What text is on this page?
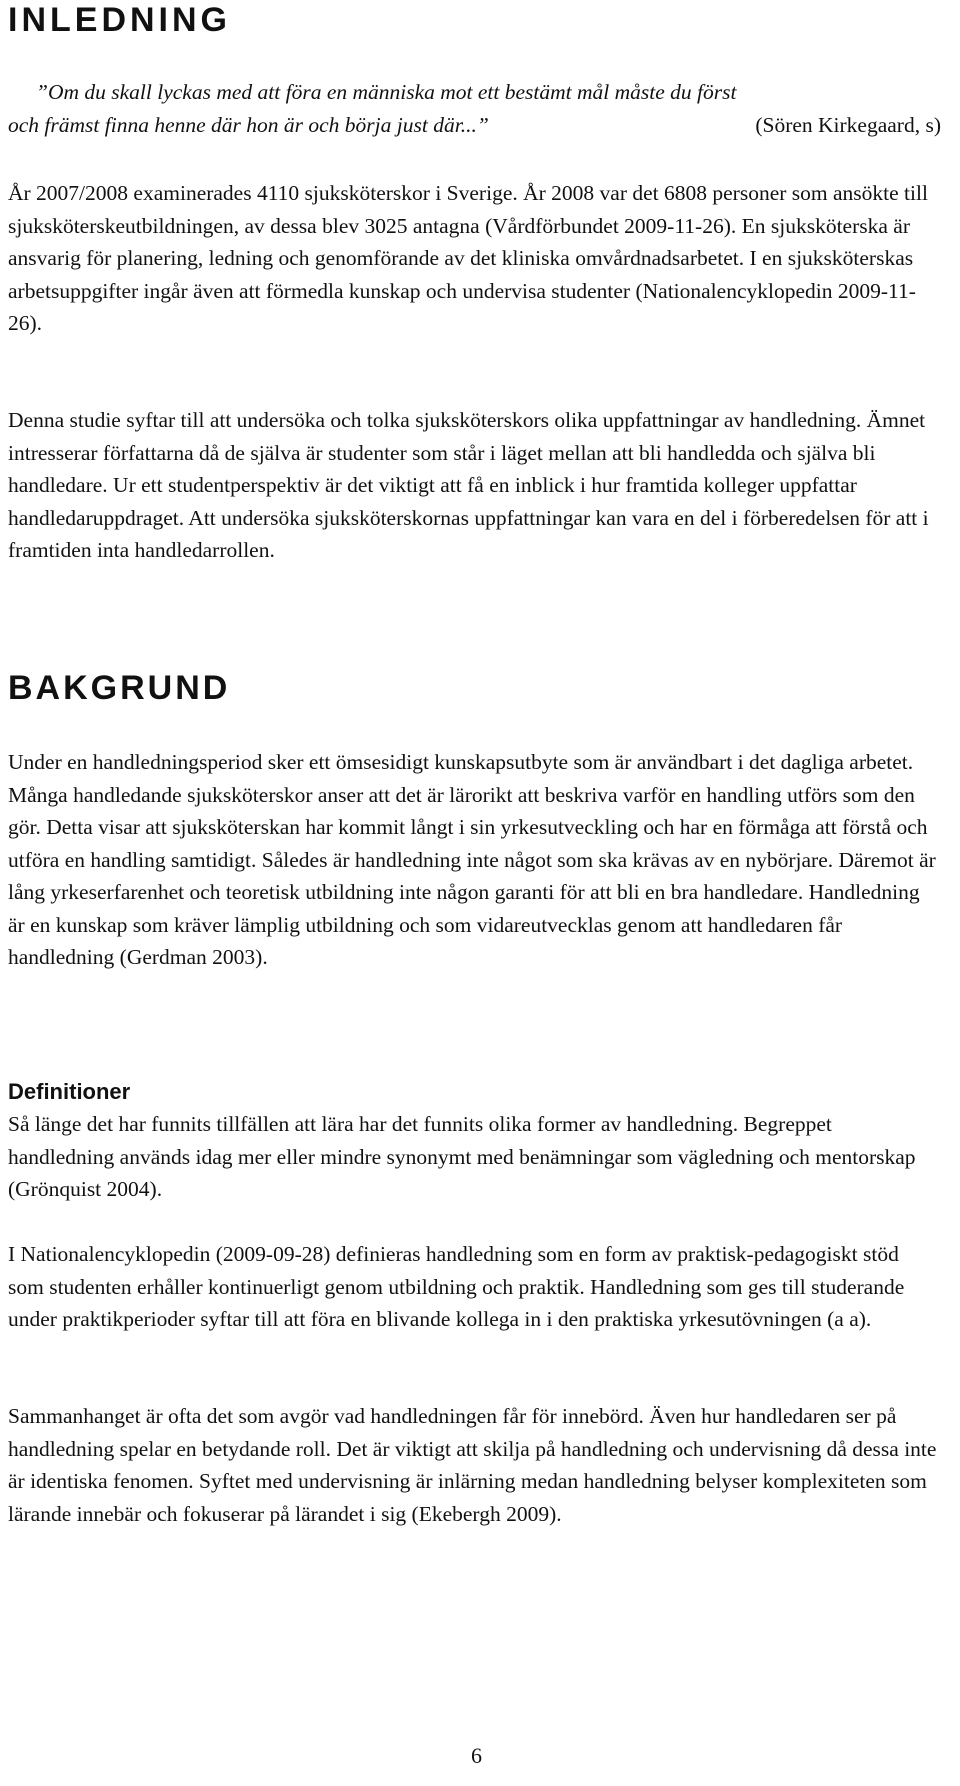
INLEDNING
”Om du skall lyckas med att föra en människa mot ett bestämt mål måste du först
och främst finna henne där hon är och börja just där...”	(Sören Kirkegaard, s)

År 2007/2008 examinerades 4110 sjuksköterskor i Sverige. År 2008 var det 6808 personer som ansökte till sjuksköterskeutbildningen, av dessa blev 3025 antagna (Vårdförbundet 2009-11-26). En sjuksköterska är ansvarig för planering, ledning och genomförande av det kliniska omvårdnadsarbetet. I en sjuksköterskas arbetsuppgifter ingår även att förmedla kunskap och undervisa studenter (Nationalencyklopedin 2009-11-26).

Denna studie syftar till att undersöka och tolka sjuksköterskors olika uppfattningar av handledning. Ämnet intresserar författarna då de själva är studenter som står i läget mellan att bli handledda och själva bli handledare. Ur ett studentperspektiv är det viktigt att få en inblick i hur framtida kolleger uppfattar handledaruppdraget. Att undersöka sjuksköterskornas uppfattningar kan vara en del i förberedelsen för att i framtiden inta handledarrollen.

BAKGRUND

Under en handledningsperiod sker ett ömsesidigt kunskapsutbyte som är användbart i det dagliga arbetet. Många handledande sjuksköterskor anser att det är lärorikt att beskriva varför en handling utförs som den gör. Detta visar att sjuksköterskan har kommit långt i sin yrkesutveckling och har en förmåga att förstå och utföra en handling samtidigt. Således är handledning inte något som ska krävas av en nybörjare. Däremot är lång yrkeserfarenhet och teoretisk utbildning inte någon garanti för att bli en bra handledare. Handledning är en kunskap som kräver lämplig utbildning och som vidareutvecklas genom att handledaren får handledning (Gerdman 2003).

Definitioner

Så länge det har funnits tillfällen att lära har det funnits olika former av handledning. Begreppet handledning används idag mer eller mindre synonymt med benämningar som vägledning och mentorskap (Grönquist 2004).

I Nationalencyklopedin (2009-09-28) definieras handledning som en form av praktisk-pedagogiskt stöd som studenten erhåller kontinuerligt genom utbildning och praktik. Handledning som ges till studerande under praktikperioder syftar till att föra en blivande kollega in i den praktiska yrkesutövningen (a a).

Sammanhanget är ofta det som avgör vad handledningen får för innebörd. Även hur handledaren ser på handledning spelar en betydande roll. Det är viktigt att skilja på handledning och undervisning då dessa inte är identiska fenomen. Syftet med undervisning är inlärning medan handledning belyser komplexiteten som lärande innebär och fokuserar på lärandet i sig (Ekebergh 2009).

6
